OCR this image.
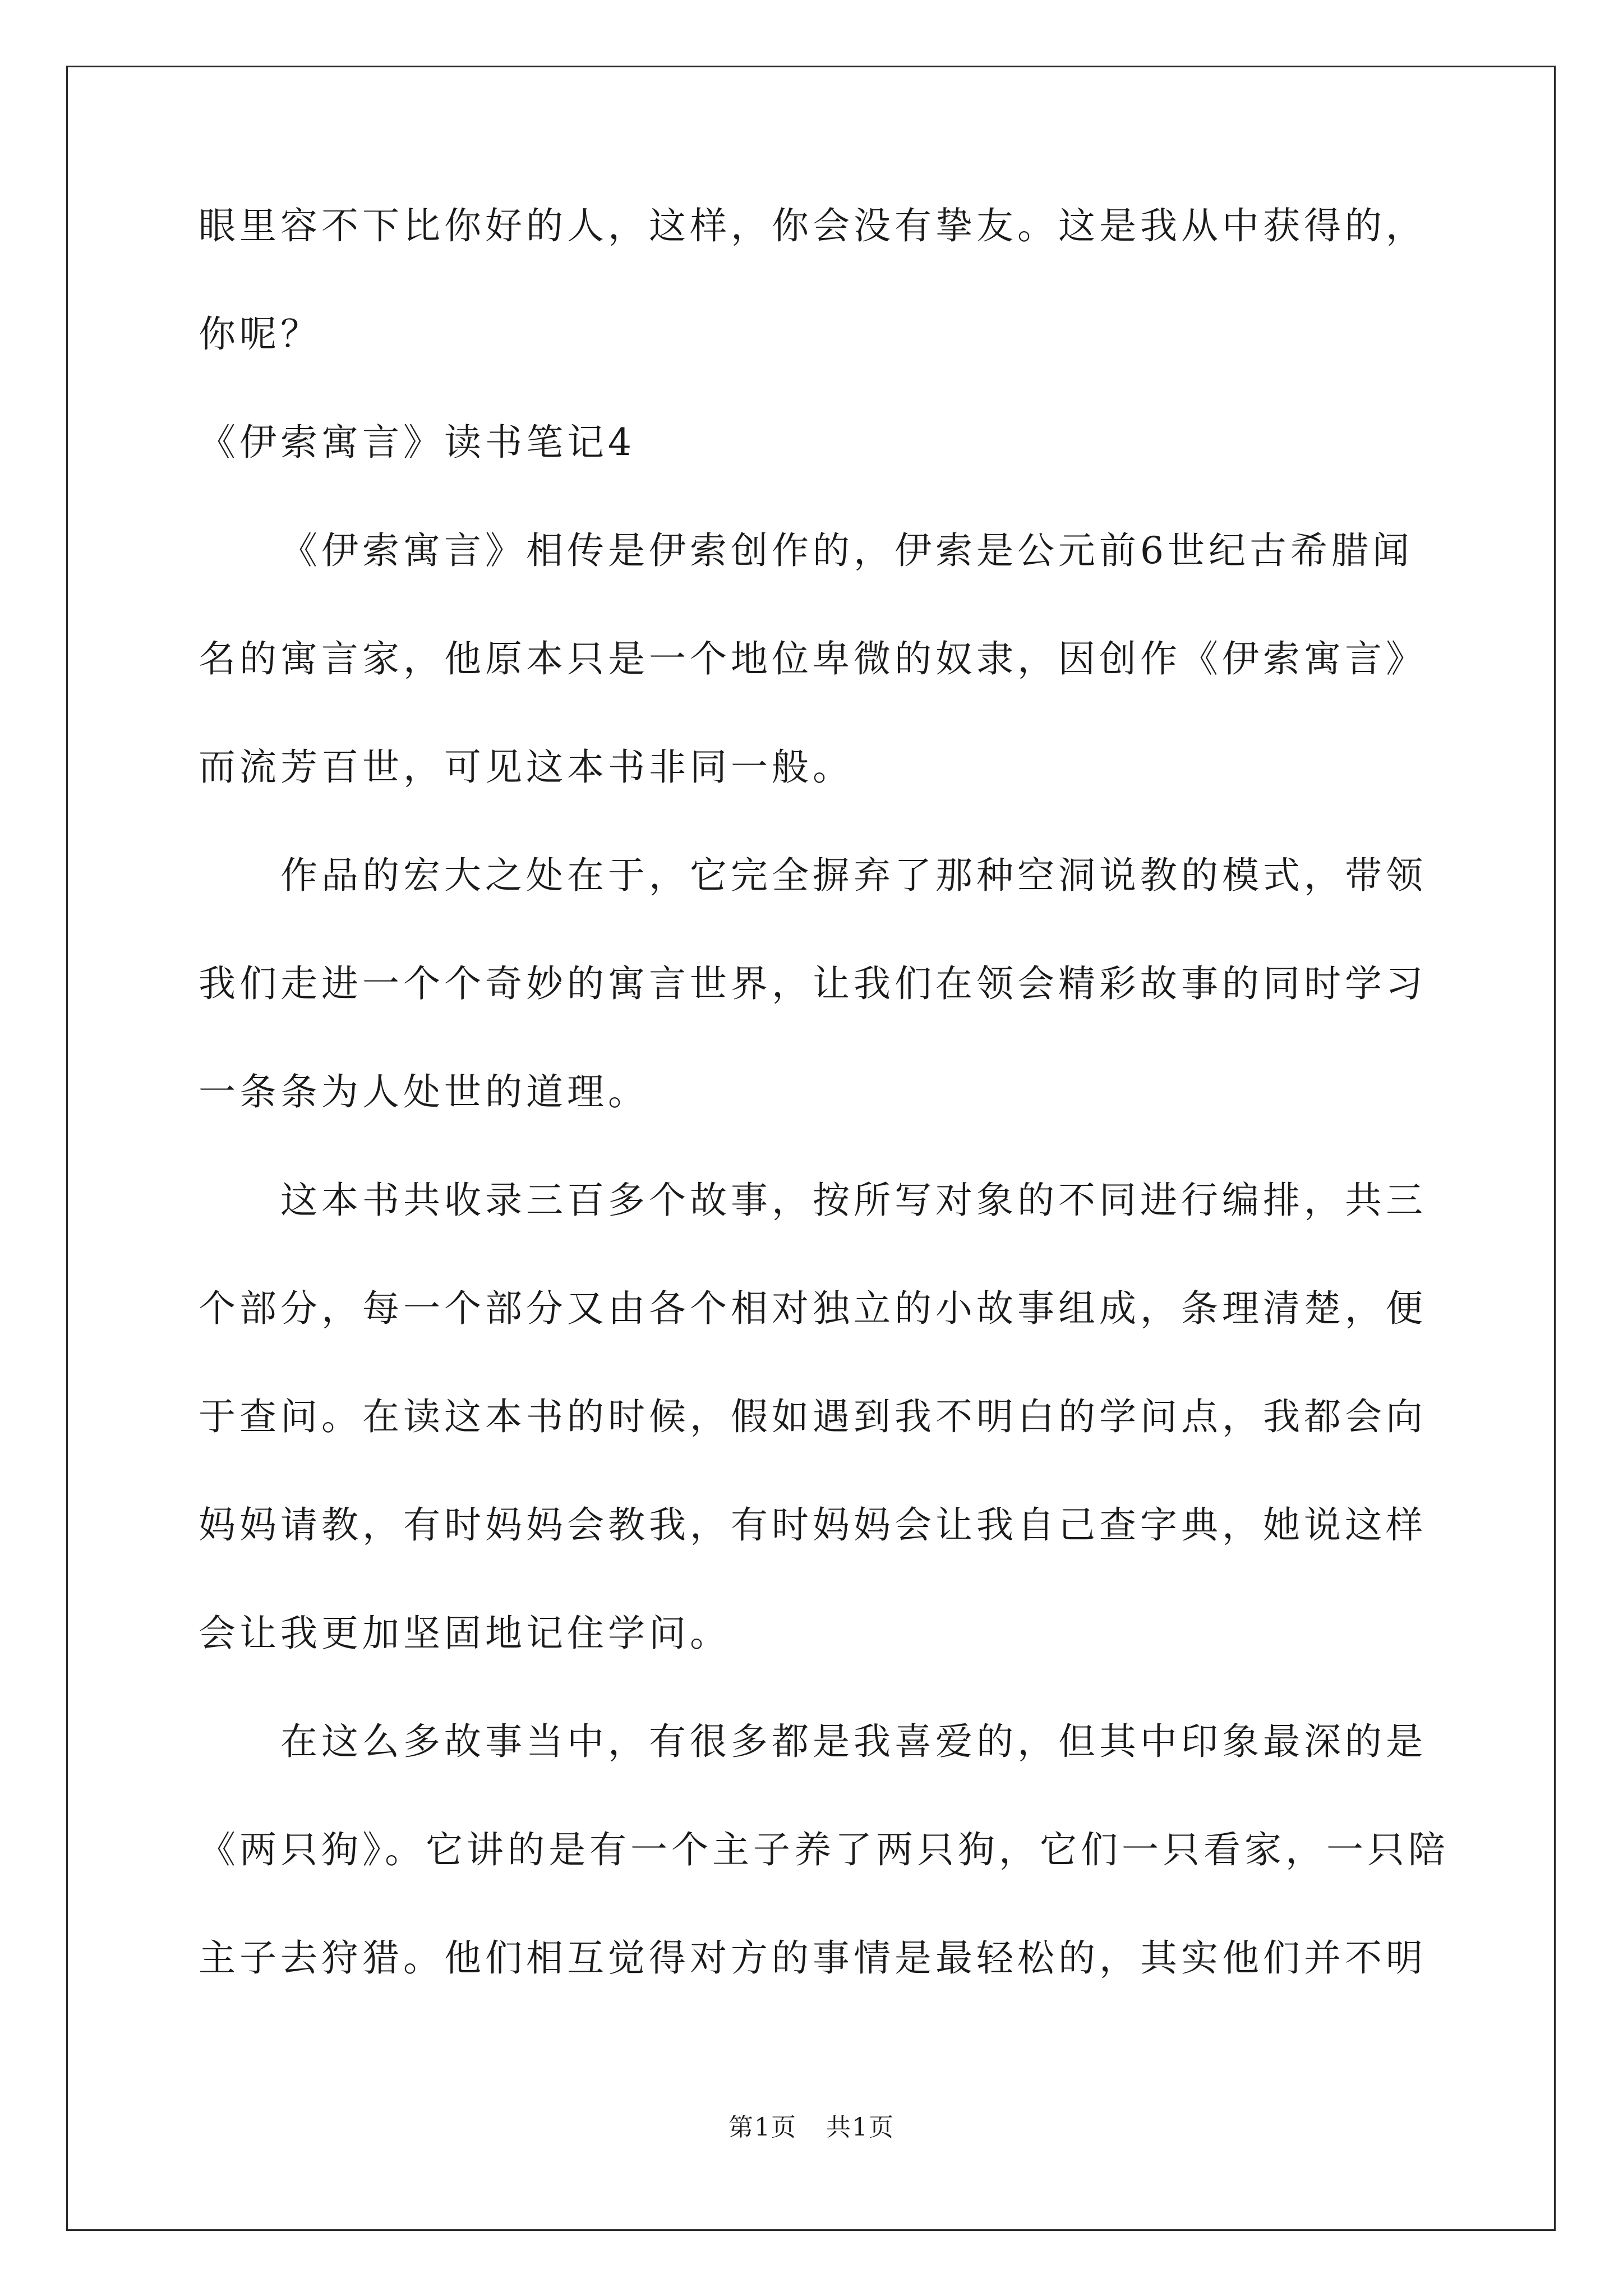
眼里容不下比你好的人，这样，你会没有挚友。这是我从中获得的，

你呢？

《伊索寓言》读书笔记4

《伊索寓言》相传是伊索创作的，伊索是公元前6世纪古希腊闻

名的寓言家，他原本只是一个地位卑微的奴隶，因创作《伊索寓言》

而流芳百世，可见这本书非同一般。

作品的宏大之处在于，它完全摒弃了那种空洞说教的模式，带领

我们走进一个个奇妙的寓言世界，让我们在领会精彩故事的同时学习

一条条为人处世的道理。

这本书共收录三百多个故事，按所写对象的不同进行编排，共三

个部分，每一个部分又由各个相对独立的小故事组成，条理清楚，便

于查问。在读这本书的时候，假如遇到我不明白的学问点，我都会向

妈妈请教，有时妈妈会教我，有时妈妈会让我自己查字典，她说这样

会让我更加坚固地记住学问。

在这么多故事当中，有很多都是我喜爱的，但其中印象最深的是

《两只狗》。它讲的是有一个主子养了两只狗，它们一只看家，一只陪

主子去狩猎。他们相互觉得对方的事情是最轻松的，其实他们并不明

第1页 共1页
